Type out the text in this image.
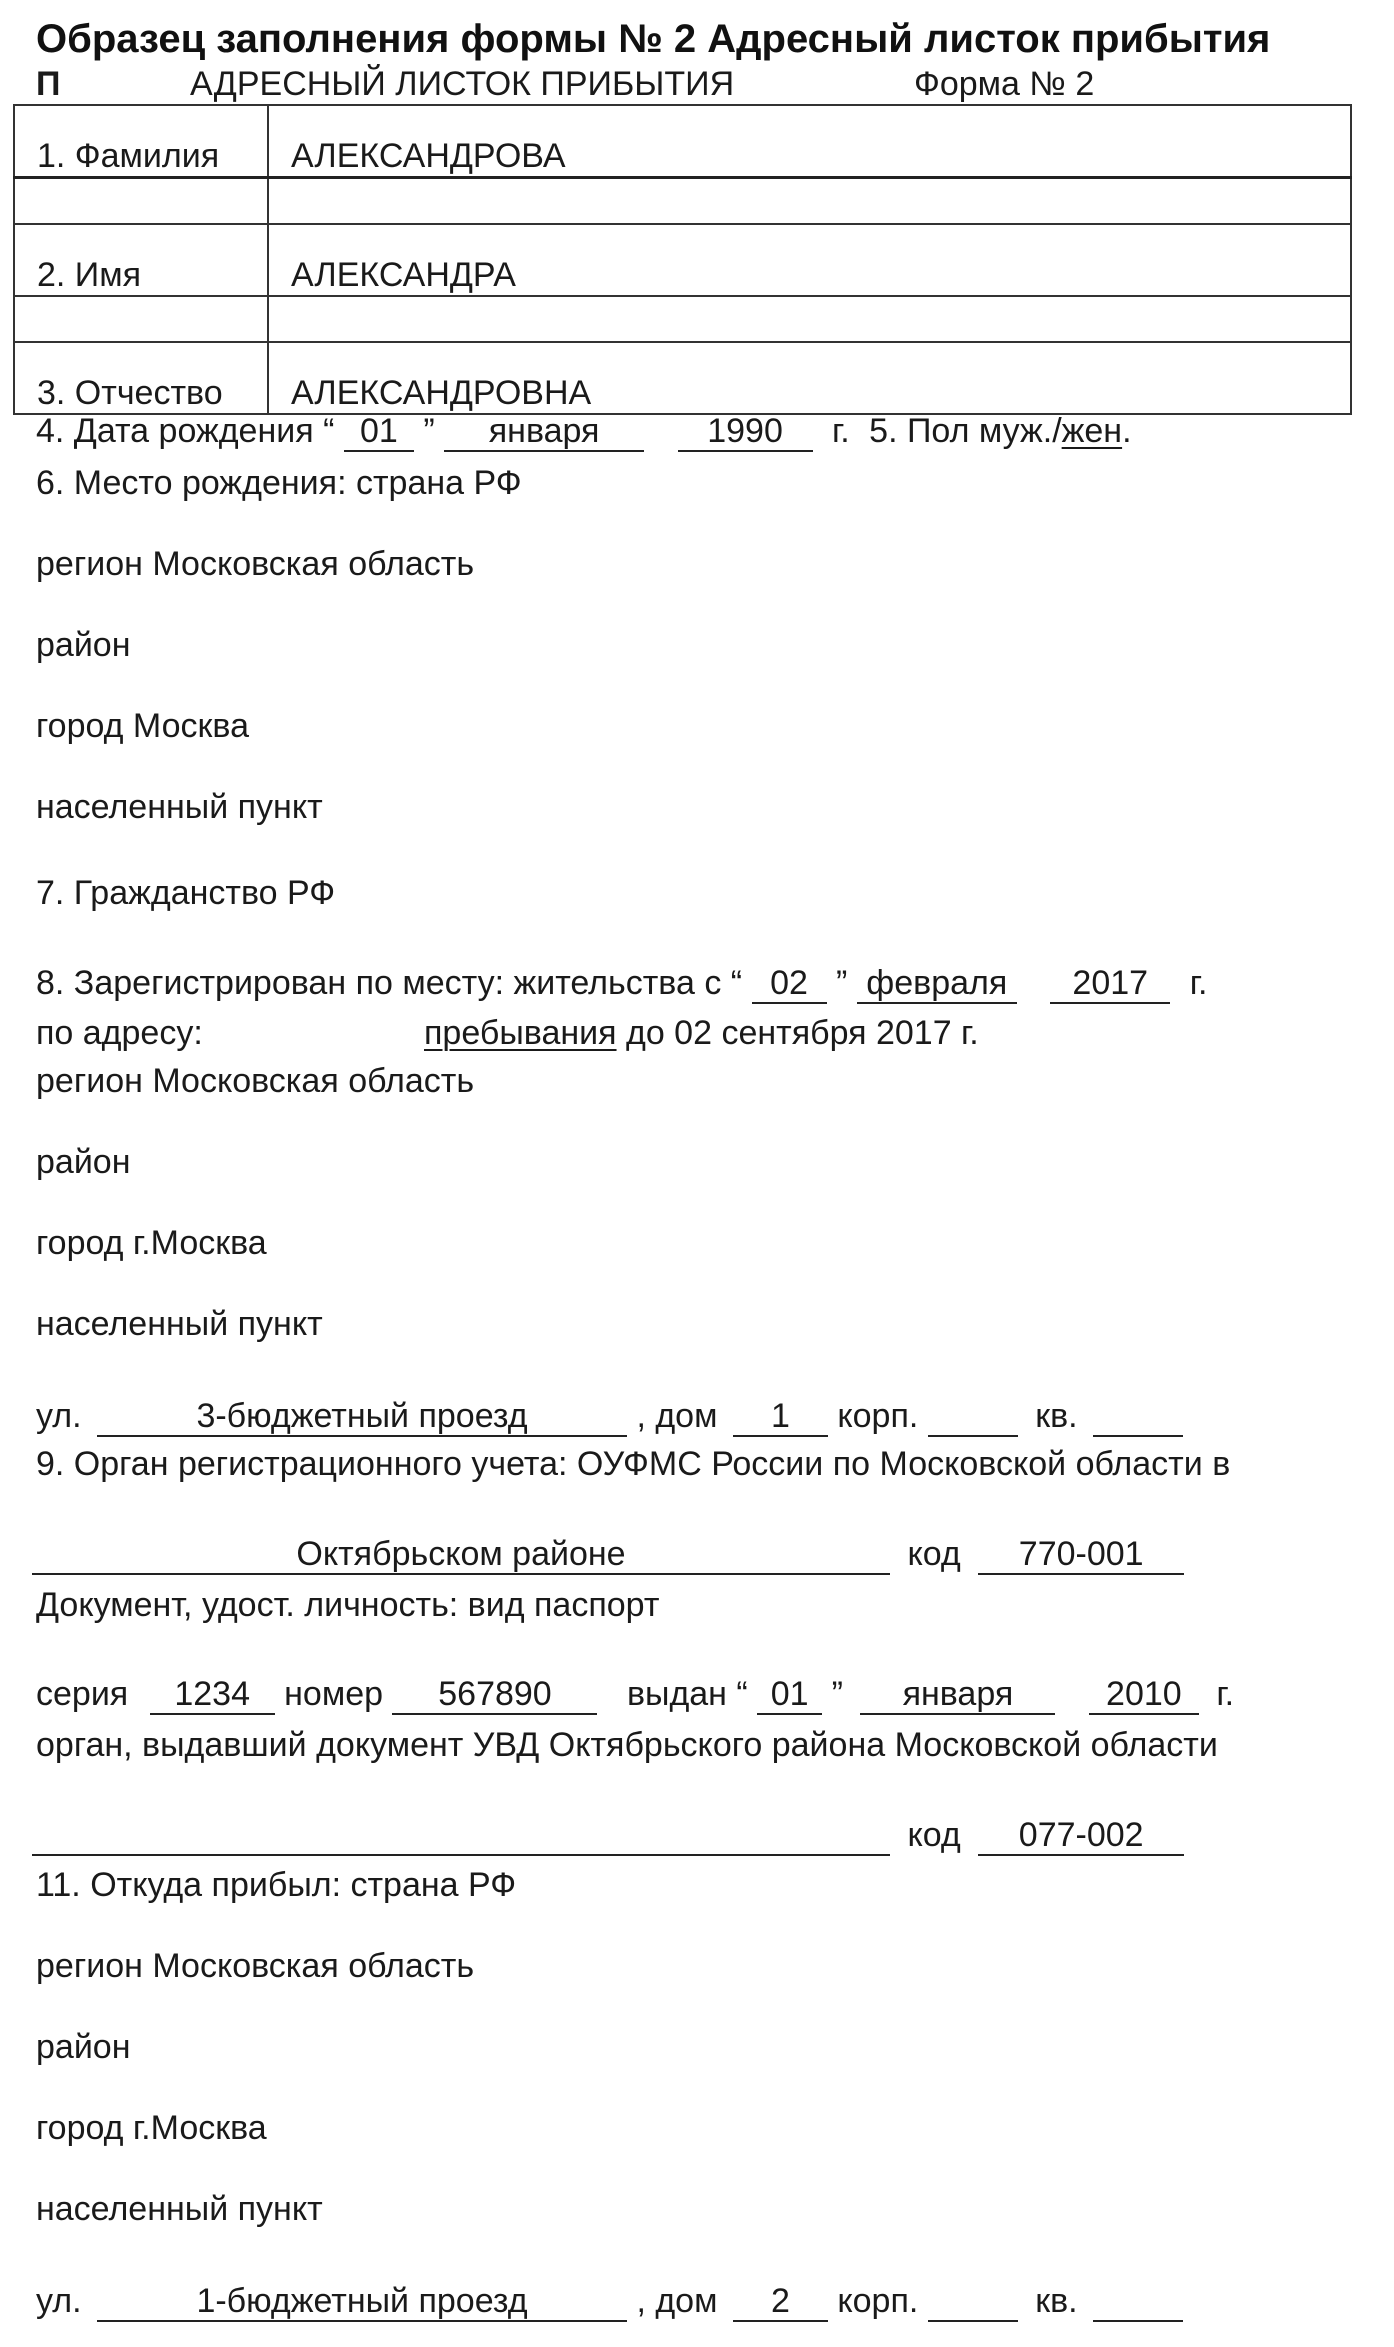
Образец заполнения формы № 2 Адресный листок прибытия
П	АДРЕСНЫЙ ЛИСТОК ПРИБЫТИЯ	Форма № 2
1. Фамилия	АЛЕКСАНДРОВА

2. Имя	АЛЕКСАНДРА

3. Отчество	АЛЕКСАНДРОВНА
4. Дата рождения “ 01 ” января	1990 г. 5. Пол муж./жен.
6. Место рождения: страна РФ
регион Московская область
район
город Москва
населенный пункт
7. Гражданство РФ
8. Зарегистрирован по месту: жительства с “ 02 ” февраля 2017 г.
по адресу:	пребывания до 02 сентября 2017 г.
регион Московская область
район
город г.Москва
населенный пункт
ул.	3-бюджетный проезд	, дом 1 корп.	кв.
9. Орган регистрационного учета: ОУФМС России по Московской области в
Октябрьском районе	код 770-001
Документ, удост. личность: вид паспорт
серия 1234 номер 567890 выдан “ 01 ” января	2010 г.
орган, выдавший документ УВД Октябрьского района Московской области
код 077-002
11. Откуда прибыл: страна РФ
регион Московская область
район
город г.Москва
населенный пункт
ул.	1-бюджетный проезд	, дом 2 корп.	кв.
